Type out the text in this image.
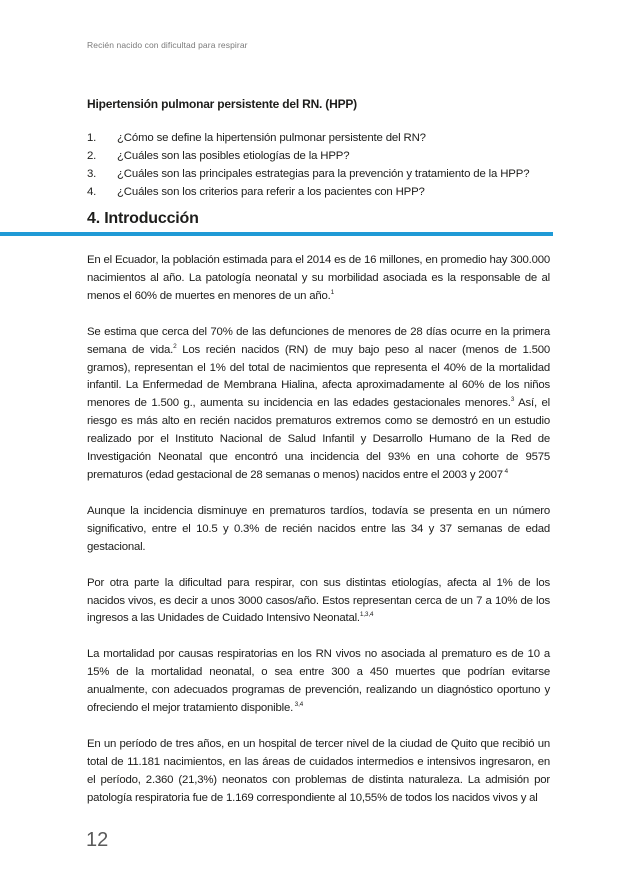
Recién nacido con dificultad para respirar
Hipertensión pulmonar persistente del RN. (HPP)
1.	¿Cómo se define la hipertensión pulmonar persistente del RN?
2.	¿Cuáles son las posibles etiologías de la HPP?
3.	¿Cuáles son las principales estrategias para la prevención y tratamiento de la HPP?
4.	¿Cuáles son los criterios para referir a los pacientes con HPP?
4. Introducción

En el Ecuador, la población estimada para el 2014 es de 16 millones, en promedio hay 300.000 nacimientos al año. La patología neonatal y su morbilidad asociada es la responsable de al menos el 60% de muertes en menores de un año.$^1$

Se estima que cerca del 70% de las defunciones de menores de 28 días ocurre en la primera semana de vida.$^2$ Los recién nacidos (RN) de muy bajo peso al nacer (menos de 1.500 gramos), representan el 1% del total de nacimientos que representa el 40% de la mortalidad infantil. La Enfermedad de Membrana Hialina, afecta aproximadamente al 60% de los niños menores de 1.500 g., aumenta su incidencia en las edades gestacionales menores.$^3$ Así, el riesgo es más alto en recién nacidos prematuros extremos como se demostró en un estudio realizado por el Instituto Nacional de Salud Infantil y Desarrollo Humano de la Red de Investigación Neonatal que encontró una incidencia del 93% en una cohorte de 9575 prematuros (edad gestacional de 28 semanas o menos) nacidos entre el 2003 y 2007 $^4$

Aunque la incidencia disminuye en prematuros tardíos, todavía se presenta en un número significativo, entre el 10.5 y 0.3% de recién nacidos entre las 34 y 37 semanas de edad gestacional.

Por otra parte la dificultad para respirar, con sus distintas etiologías, afecta al 1% de los nacidos vivos, es decir a unos 3000 casos/año. Estos representan cerca de un 7 a 10% de los ingresos a las Unidades de Cuidado Intensivo Neonatal.$^{1,3,4}$

La mortalidad por causas respiratorias en los RN vivos no asociada al prematuro es de 10 a 15% de la mortalidad neonatal, o sea entre 300 a 450 muertes que podrían evitarse anualmente, con adecuados programas de prevención, realizando un diagnóstico oportuno y ofreciendo el mejor tratamiento disponible. $^{3,4}$

En un período de tres años, en un hospital de tercer nivel de la ciudad de Quito que recibió un total de 11.181 nacimientos, en las áreas de cuidados intermedios e intensivos ingresaron, en el período, 2.360 (21,3%) neonatos con problemas de distinta naturaleza. La admisión por patología respiratoria fue de 1.169 correspondiente al 10,55% de todos los nacidos vivos y al

12
